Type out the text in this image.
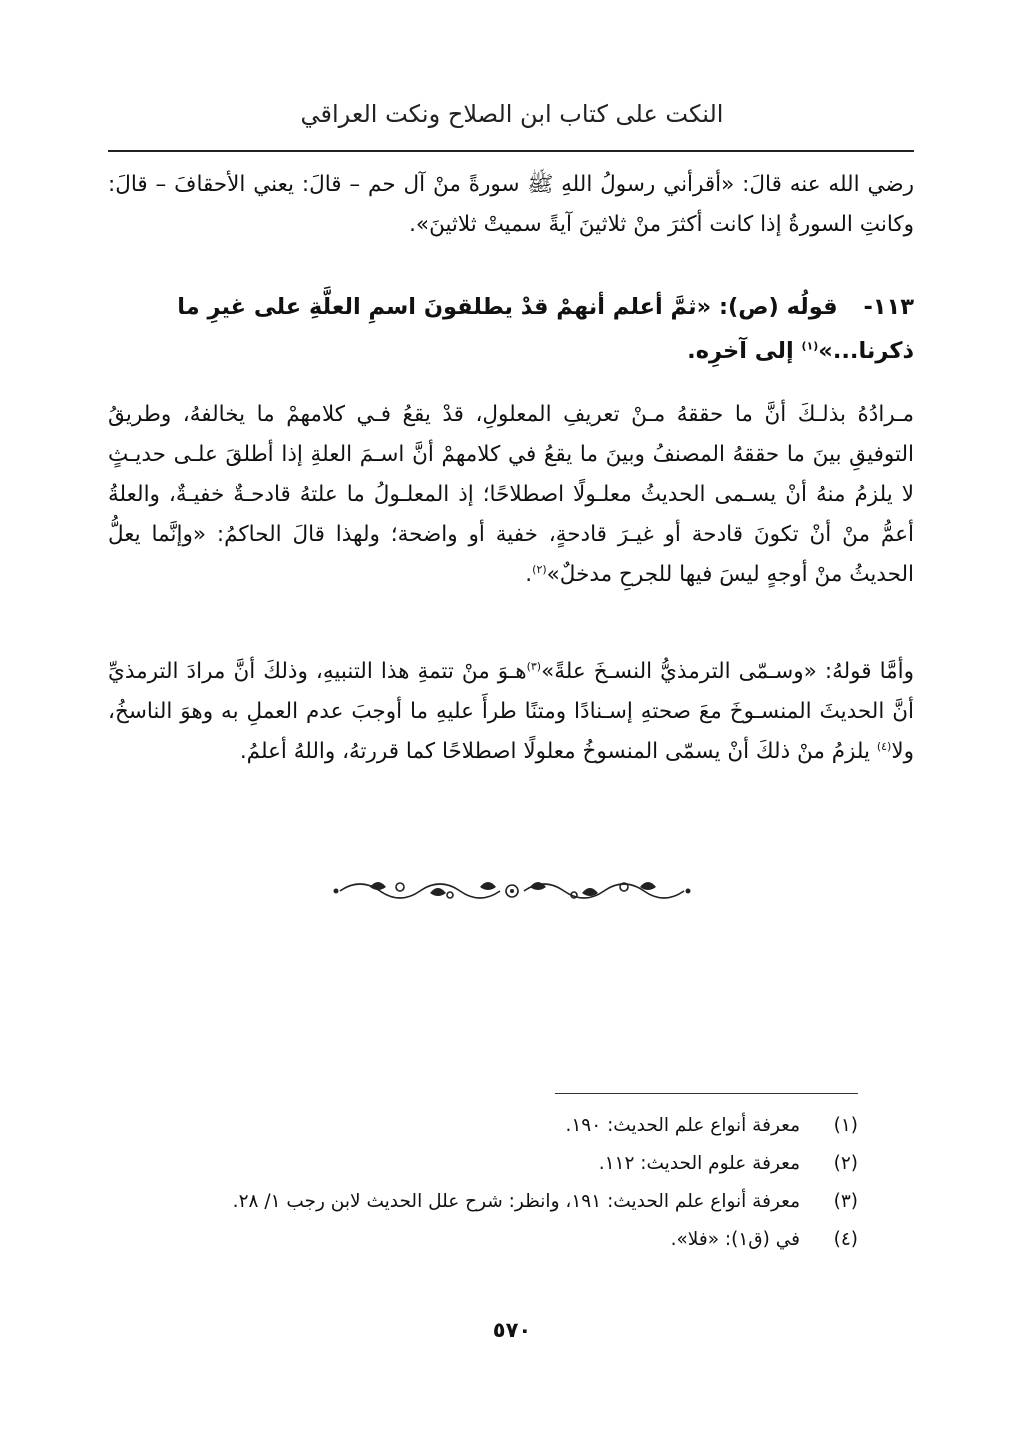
النكت على كتاب ابن الصلاح ونكت العراقي
رضي الله عنه قالَ: «أقرأني رسولُ اللهِ ﷺ سورةً منْ آل حم – قالَ: يعني الأحقافَ – قالَ: وكانتِ السورةُ إذا كانت أكثرَ منْ ثلاثينَ آيةً سميتْ ثلاثينَ».
١١٣- قولُه (ص): «ثمَّ أعلم أنهمْ قدْ يطلقونَ اسمِ العلَّةِ على غيرِ ما ذكرنا...»$^{(١)}$ إلى آخرِه.
مـرادُهُ بذلـكَ أنَّ ما حققهُ مـنْ تعريفِ المعلولِ، قدْ يقعُ فـي كلامهمْ ما يخالفهُ، وطريقُ التوفيقِ بينَ ما حققهُ المصنفُ وبينَ ما يقعُ في كلامهمْ أنَّ اسـمَ العلةِ إذا أطلقَ علـى حديـثٍ لا يلزمُ منهُ أنْ يسـمى الحديثُ معلـولًا اصطلاحًا؛ إذ المعلـولُ ما علتهُ قادحـةٌ خفيـةٌ، والعلةُ أعمُّ منْ أنْ تكونَ قادحة أو غيـرَ قادحةٍ، خفية أو واضحة؛ ولهذا قالَ الحاكمُ: «وإنَّما يعلُّ الحديثُ منْ أوجهٍ ليسَ فيها للجرحِ مدخلٌ»$^{(٢)}$.
وأمَّا قولهُ: «وسـمّى الترمذيُّ النسـخَ علةً»$^{(٣)}$هـوَ منْ تتمةِ هذا التنبيهِ، وذلكَ أنَّ مرادَ الترمذيِّ أنَّ الحديثَ المنسـوخَ معَ صحتهِ إسـنادًا ومتنًا طرأَ عليهِ ما أوجبَ عدم العملِ به وهوَ الناسخُ، ولا$^{(٤)}$ يلزمُ منْ ذلكَ أنْ يسمّى المنسوخُ معلولًا اصطلاحًا كما قررتهُ، واللهُ أعلمُ.
(١)
معرفة أنواع علم الحديث: ١٩٠.
(٢)
معرفة علوم الحديث: ١١٢.
(٣)
معرفة أنواع علم الحديث: ١٩١، وانظر: شرح علل الحديث لابن رجب ١/ ٢٨.
(٤)
في (ق١): «فلا».
٥٧٠
